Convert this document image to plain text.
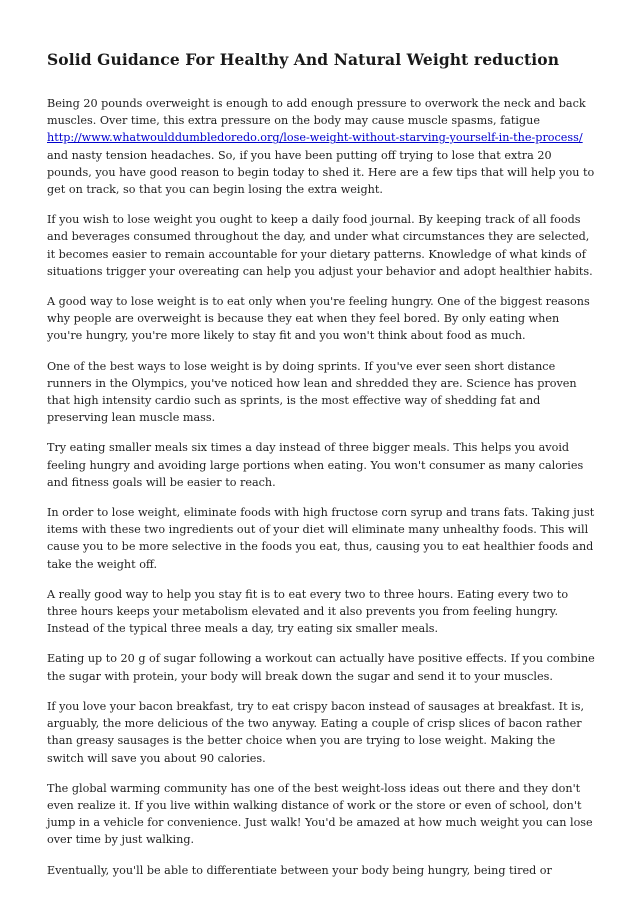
Solid Guidance For Healthy And Natural Weight reduction

Being 20 pounds overweight is enough to add enough pressure to overwork the neck and back muscles. Over time, this extra pressure on the body may cause muscle spasms, fatigue http://www.whatwoulddumbledoredo.org/lose-weight-without-starving-yourself-in-the-process/ and nasty tension headaches. So, if you have been putting off trying to lose that extra 20 pounds, you have good reason to begin today to shed it. Here are a few tips that will help you to get on track, so that you can begin losing the extra weight.

If you wish to lose weight you ought to keep a daily food journal. By keeping track of all foods and beverages consumed throughout the day, and under what circumstances they are selected, it becomes easier to remain accountable for your dietary patterns. Knowledge of what kinds of situations trigger your overeating can help you adjust your behavior and adopt healthier habits.

A good way to lose weight is to eat only when you're feeling hungry. One of the biggest reasons why people are overweight is because they eat when they feel bored. By only eating when you're hungry, you're more likely to stay fit and you won't think about food as much.

One of the best ways to lose weight is by doing sprints. If you've ever seen short distance runners in the Olympics, you've noticed how lean and shredded they are. Science has proven that high intensity cardio such as sprints, is the most effective way of shedding fat and preserving lean muscle mass.

Try eating smaller meals six times a day instead of three bigger meals. This helps you avoid feeling hungry and avoiding large portions when eating. You won't consumer as many calories and fitness goals will be easier to reach.

In order to lose weight, eliminate foods with high fructose corn syrup and trans fats. Taking just items with these two ingredients out of your diet will eliminate many unhealthy foods. This will cause you to be more selective in the foods you eat, thus, causing you to eat healthier foods and take the weight off.

A really good way to help you stay fit is to eat every two to three hours. Eating every two to three hours keeps your metabolism elevated and it also prevents you from feeling hungry. Instead of the typical three meals a day, try eating six smaller meals.

Eating up to 20 g of sugar following a workout can actually have positive effects. If you combine the sugar with protein, your body will break down the sugar and send it to your muscles.

If you love your bacon breakfast, try to eat crispy bacon instead of sausages at breakfast. It is, arguably, the more delicious of the two anyway. Eating a couple of crisp slices of bacon rather than greasy sausages is the better choice when you are trying to lose weight. Making the switch will save you about 90 calories.

The global warming community has one of the best weight-loss ideas out there and they don't even realize it. If you live within walking distance of work or the store or even of school, don't jump in a vehicle for convenience. Just walk! You'd be amazed at how much weight you can lose over time by just walking.

Eventually, you'll be able to differentiate between your body being hungry, being tired or
